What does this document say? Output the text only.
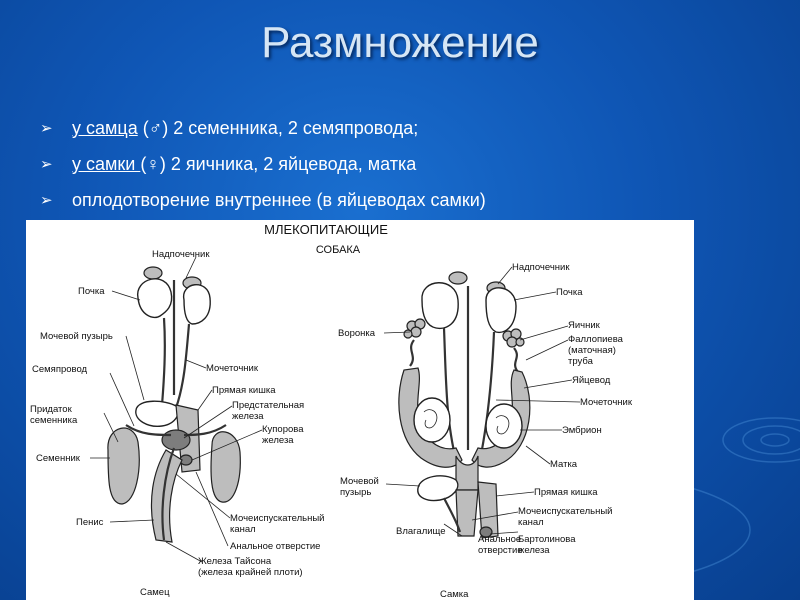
Размножение
➢ у самца (♂) 2 семенника, 2 семяпровода;
➢ у самки (♀) 2 яичника, 2 яйцевода, матка
➢ оплодотворение внутреннее (в яйцеводах самки)
МЛЕКОПИТАЮЩИЕ
СОБАКА
Надпочечник
Почка
Мочевой пузырь
Мочеточник
Семяпровод
Прямая кишка
Предстательная
железа
Придаток
семенника
Купорова
железа
Семенник
Пенис	Мочеиспускательный
канал
Анальное отверстие
Железа Тайсона
(железа крайней плоти)
Самец
Надпочечник
Почка
Воронка
Яичник
Фаллопиева
(маточная)
труба
Яйцевод
Мочеточник
Эмбрион
Матка
Мочевой
пузырь	Прямая кишка
Мочеиспускательный
канал
Влагалище
Анальное
отверстие
Бартолинова
железа
Самка
